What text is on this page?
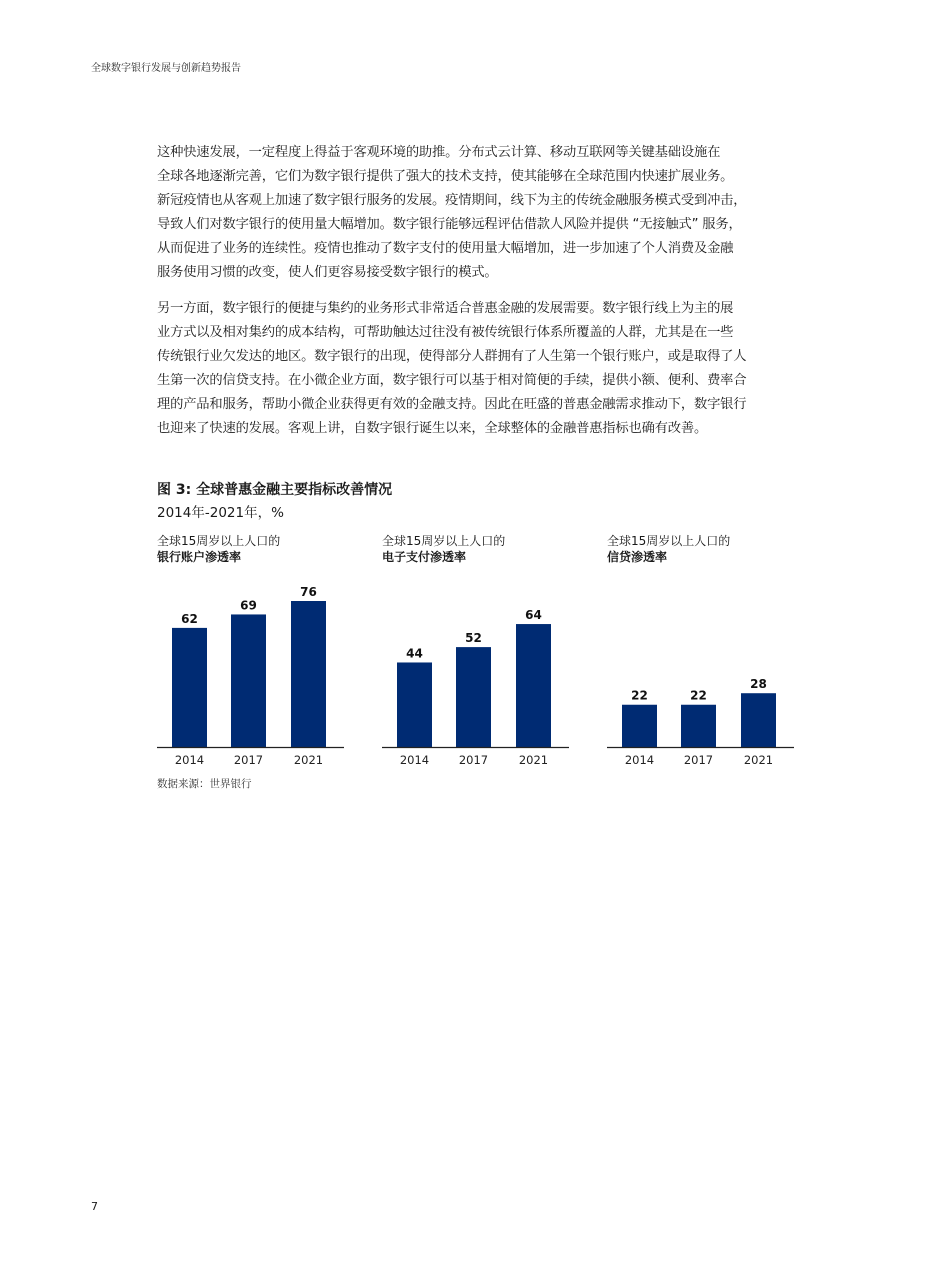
全球数字银行发展与创新趋势报告
这种快速发展，一定程度上得益于客观环境的助推。分布式云计算、移动互联网等关键基础设施在
全球各地逐渐完善，它们为数字银行提供了强大的技术支持，使其能够在全球范围内快速扩展业务。
新冠疫情也从客观上加速了数字银行服务的发展。疫情期间，线下为主的传统金融服务模式受到冲击，
导致人们对数字银行的使用量大幅增加。数字银行能够远程评估借款人风险并提供 “无接触式” 服务，
从而促进了业务的连续性。疫情也推动了数字支付的使用量大幅增加，进一步加速了个人消费及金融
服务使用习惯的改变，使人们更容易接受数字银行的模式。
另一方面，数字银行的便捷与集约的业务形式非常适合普惠金融的发展需要。数字银行线上为主的展
业方式以及相对集约的成本结构，可帮助触达过往没有被传统银行体系所覆盖的人群，尤其是在一些
传统银行业欠发达的地区。数字银行的出现，使得部分人群拥有了人生第一个银行账户，或是取得了人
生第一次的信贷支持。在小微企业方面，数字银行可以基于相对简便的手续，提供小额、便利、费率合
理的产品和服务，帮助小微企业获得更有效的金融支持。因此在旺盛的普惠金融需求推动下，数字银行
也迎来了快速的发展。客观上讲，自数字银行诞生以来，全球整体的金融普惠指标也确有改善。
图 3: 全球普惠金融主要指标改善情况
2014年-2021年，%
全球15周岁以上人口的
银行账户渗透率
62
2014
69
2017
76
2021
全球15周岁以上人口的
电子支付渗透率
44
2014
52
2017
64
2021
全球15周岁以上人口的
信贷渗透率
22
2014
22
2017
28
2021
数据来源：世界银行
7
